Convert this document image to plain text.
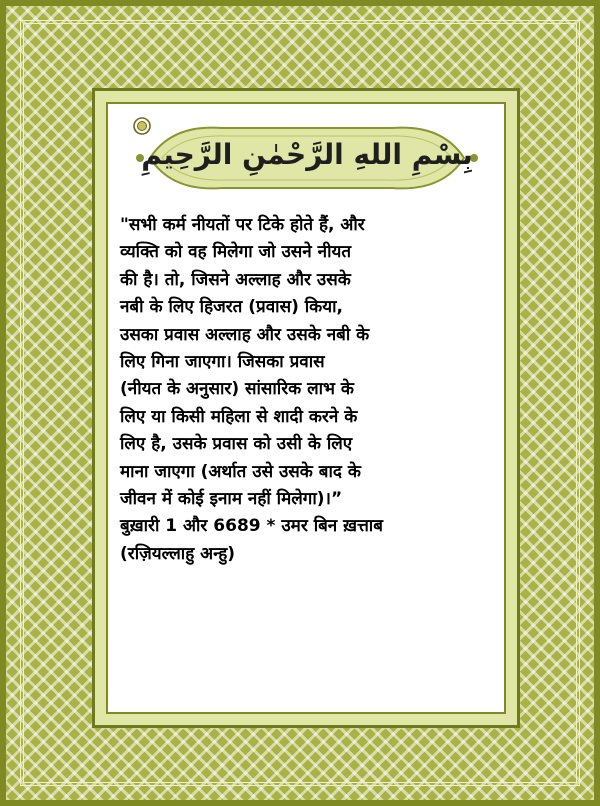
بِسْمِ اللهِ الرَّحْمٰنِ الرَّحِيمِ

"सभी कर्म नीयतों पर टिके होते हैं, और
व्यक्ति को वह मिलेगा जो उसने नीयत
की है। तो, जिसने अल्लाह और उसके
नबी के लिए हिजरत (प्रवास) किया,
उसका प्रवास अल्लाह और उसके नबी के
लिए गिना जाएगा। जिसका प्रवास
(नीयत के अनुसार) सांसारिक लाभ के
लिए या किसी महिला से शादी करने के
लिए है, उसके प्रवास को उसी के लिए
माना जाएगा (अर्थात उसे उसके बाद के
जीवन में कोई इनाम नहीं मिलेगा)।”
बुख़ारी 1 और 6689 * उमर बिन ख़त्ताब
(रज़ियल्लाहु अन्हु)
